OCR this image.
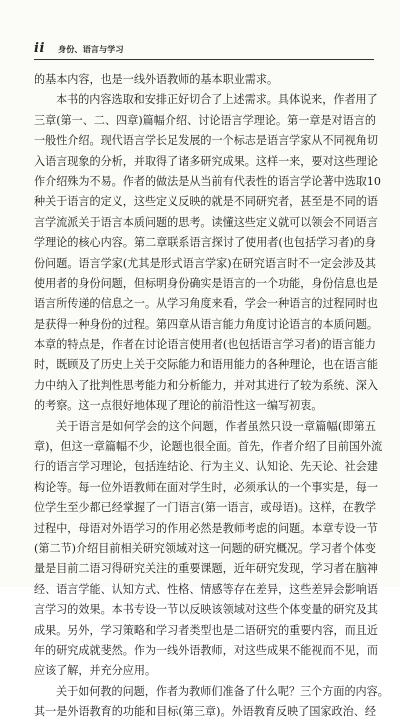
ii 身份、语言与学习
的基本内容，也是一线外语教师的基本职业需求。
本书的内容选取和安排正好切合了上述需求。具体说来，作者用了
三章(第一、二、四章)篇幅介绍、讨论语言学理论。第一章是对语言的
一般性介绍。现代语言学长足发展的一个标志是语言学家从不同视角切
入语言现象的分析，并取得了诸多研究成果。这样一来，要对这些理论
作介绍殊为不易。作者的做法是从当前有代表性的语言学论著中选取10
种关于语言的定义，这些定义反映的就是不同研究者，甚至是不同的语
言学流派关于语言本质问题的思考。读懂这些定义就可以领会不同语言
学理论的核心内容。第二章联系语言探讨了使用者(也包括学习者)的身
份问题。语言学家(尤其是形式语言学家)在研究语言时不一定会涉及其
使用者的身份问题，但标明身份确实是语言的一个功能，身份信息也是
语言所传递的信息之一。从学习角度来看，学会一种语言的过程同时也
是获得一种身份的过程。第四章从语言能力角度讨论语言的本质问题。
本章的特点是，作者在讨论语言使用者(也包括语言学习者)的语言能力
时，既顾及了历史上关于交际能力和语用能力的各种理论，也在语言能
力中纳入了批判性思考能力和分析能力，并对其进行了较为系统、深入
的考察。这一点很好地体现了理论的前沿性这一编写初衷。
关于语言是如何学会的这个问题，作者虽然只设一章篇幅(即第五
章)，但这一章篇幅不少，论题也很全面。首先，作者介绍了目前国外流
行的语言学习理论，包括连结论、行为主义、认知论、先天论、社会建
构论等。每一位外语教师在面对学生时，必须承认的一个事实是，每一
位学生至少都已经掌握了一门语言(第一语言，或母语)。这样，在教学
过程中，母语对外语学习的作用必然是教师考虑的问题。本章专设一节
(第二节)介绍目前相关研究领域对这一问题的研究概况。学习者个体变
量是目前二语习得研究关注的重要课题，近年研究发现，学习者在脑神
经、语言学能、认知方式、性格、情感等存在差异，这些差异会影响语
言学习的效果。本书专设一节以反映该领域对这些个体变量的研究及其
成果。另外，学习策略和学习者类型也是二语研究的重要内容，而且近
年的研究成就斐然。作为一线外语教师，对这些成果不能视而不见，而
应该了解，并充分应用。
关于如何教的问题，作者为教师们准备了什么呢？三个方面的内容。
其一是外语教育的功能和目标(第三章)。外语教育反映了国家政治、经
